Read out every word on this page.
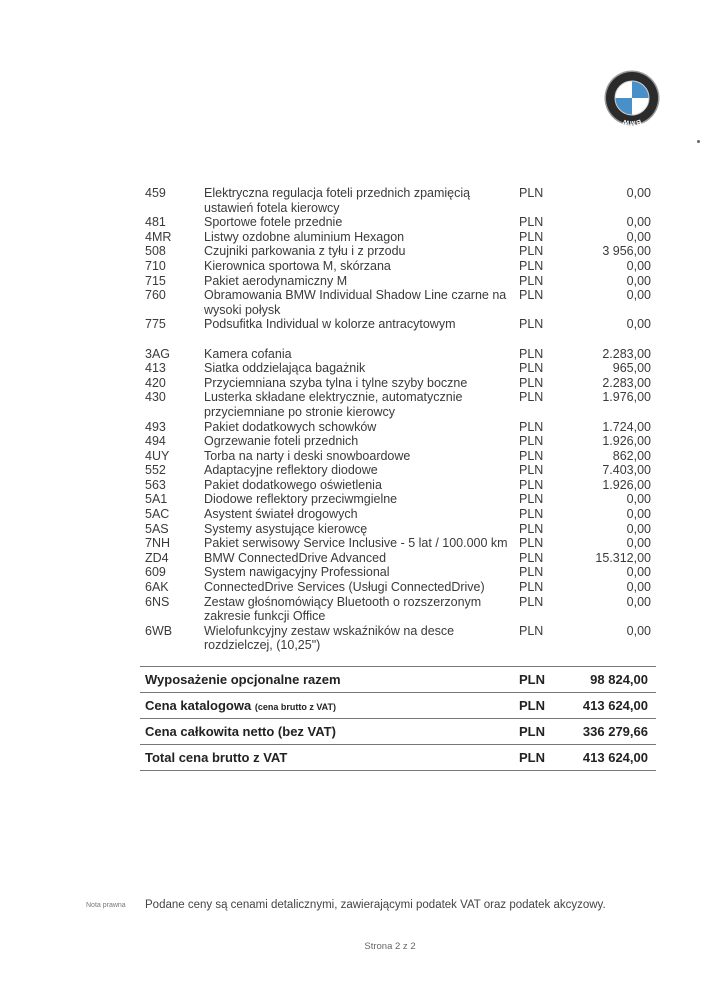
BMW
459	Elektryczna regulacja foteli przednich zpamięcią	PLN	0,00
ustawień fotela kierowcy
481	Sportowe fotele przednie	PLN	0,00
4MR	Listwy ozdobne aluminium Hexagon	PLN	0,00
508	Czujniki parkowania z tyłu i z przodu	PLN	3 956,00
710	Kierownica sportowa M, skórzana	PLN	0,00
715	Pakiet aerodynamiczny M	PLN	0,00
760	Obramowania BMW Individual Shadow Line czarne na	PLN	0,00
wysoki połysk
775	Podsufitka Individual w kolorze antracytowym	PLN	0,00
3AG	Kamera cofania	PLN	2.283,00
413	Siatka oddzielająca bagażnik	PLN	965,00
420	Przyciemniana szyba tylna i tylne szyby boczne	PLN	2.283,00
430	Lusterka składane elektrycznie, automatycznie	PLN	1.976,00
przyciemniane po stronie kierowcy
493	Pakiet dodatkowych schowków	PLN	1.724,00
494	Ogrzewanie foteli przednich	PLN	1.926,00
4UY	Torba na narty i deski snowboardowe	PLN	862,00
552	Adaptacyjne reflektory diodowe	PLN	7.403,00
563	Pakiet dodatkowego oświetlenia	PLN	1.926,00
5A1	Diodowe reflektory przeciwmgielne	PLN	0,00
5AC	Asystent świateł drogowych	PLN	0,00
5AS	Systemy asystujące kierowcę	PLN	0,00
7NH	Pakiet serwisowy Service Inclusive - 5 lat / 100.000 km PLN	0,00
ZD4	BMW ConnectedDrive Advanced	PLN	15.312,00
609	System nawigacyjny Professional	PLN	0,00
6AK	ConnectedDrive Services (Usługi ConnectedDrive)	PLN	0,00
6NS	Zestaw głośnomówiący Bluetooth o rozszerzonym	PLN	0,00
zakresie funkcji Office
6WB	Wielofunkcyjny zestaw wskaźników na desce	PLN	0,00
rozdzielczej, (10,25")
Wyposażenie opcjonalne razem	PLN	98 824,00
Cena katalogowa (cena brutto z VAT)	PLN	413 624,00
Cena całkowita netto (bez VAT)	PLN	336 279,66
Total cena brutto z VAT	PLN	413 624,00
Nota prawna Podane ceny są cenami detalicznymi, zawierającymi podatek VAT oraz podatek akcyzowy.
Strona 2 z 2
